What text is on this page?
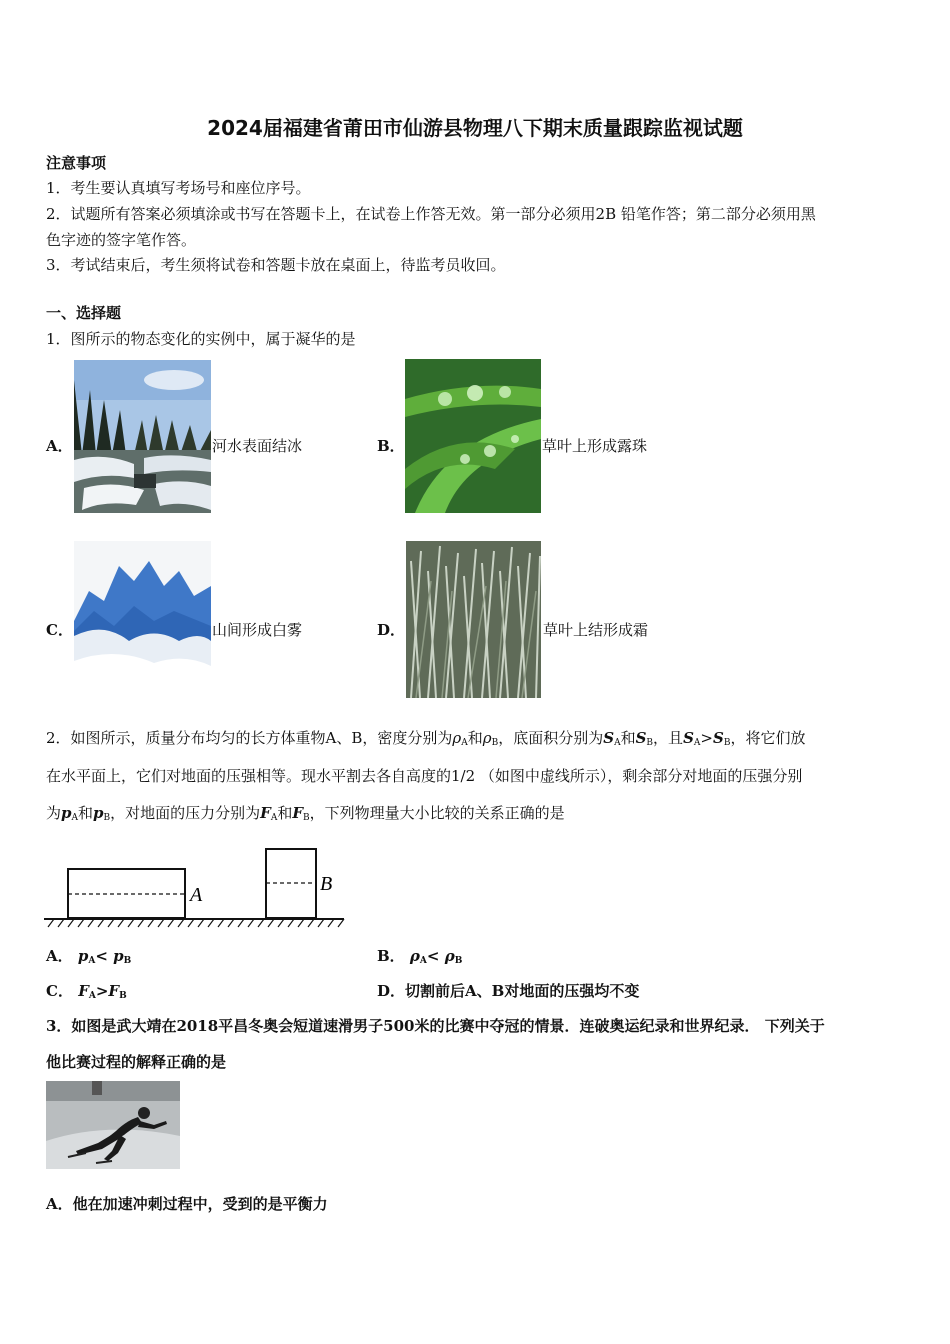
2024届福建省莆田市仙游县物理八下期末质量跟踪监视试题
注意事项
1．考生要认真填写考场号和座位序号。
2．试题所有答案必须填涂或书写在答题卡上，在试卷上作答无效。第一部分必须用2B 铅笔作答；第二部分必须用黑
色字迹的签字笔作答。
3．考试结束后，考生须将试卷和答题卡放在桌面上，待监考员收回。
一、选择题
1．图所示的物态变化的实例中，属于凝华的是
A．	河水表面结冰	B．	草叶上形成露珠
C．	山间形成白雾	D．	草叶上结形成霜
2．如图所示，质量分布均匀的长方体重物A、B，密度分别为$\rho_A$和$\rho_B$，底面积分别为$S_A$和$S_B$，且$S_A>S_B$，将它们放
在水平面上，它们对地面的压强相等。现水平割去各自高度的1/2 （如图中虚线所示），剩余部分对地面的压强分别
为$p_A$和$p_B$，对地面的压力分别为$F_A$和$F_B$，下列物理量大小比较的关系正确的是
A	B
A． $p_A< p_B$	B． $\rho_A< \rho_B$
C． $F_A>F_B$	D．切割前后A、B对地面的压强均不变
3．如图是武大靖在2018平昌冬奥会短道速滑男子500米的比赛中夺冠的情景．连破奥运纪录和世界纪录． 下列关于
他比赛过程的解释正确的是
A．他在加速冲刺过程中，受到的是平衡力
